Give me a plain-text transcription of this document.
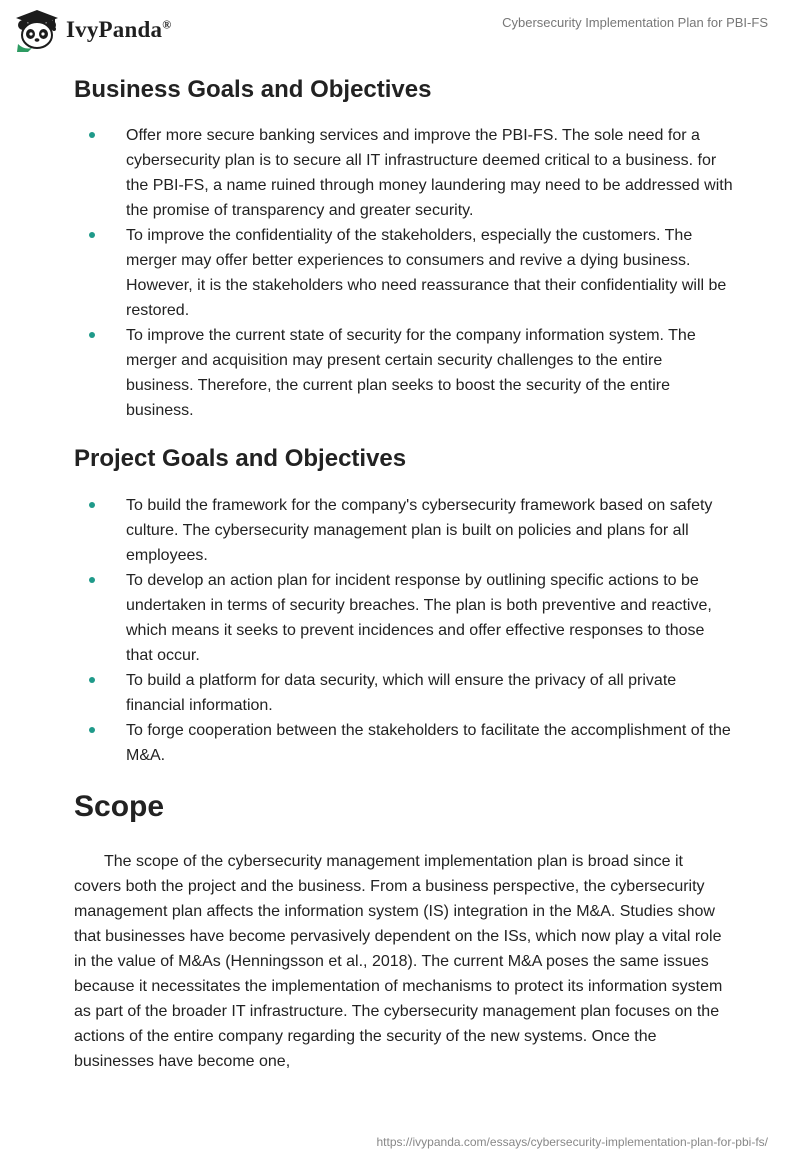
IvyPanda®	Cybersecurity Implementation Plan for PBI-FS
Business Goals and Objectives
Offer more secure banking services and improve the PBI-FS. The sole need for a cybersecurity plan is to secure all IT infrastructure deemed critical to a business. for the PBI-FS, a name ruined through money laundering may need to be addressed with the promise of transparency and greater security.
To improve the confidentiality of the stakeholders, especially the customers. The merger may offer better experiences to consumers and revive a dying business. However, it is the stakeholders who need reassurance that their confidentiality will be restored.
To improve the current state of security for the company information system. The merger and acquisition may present certain security challenges to the entire business. Therefore, the current plan seeks to boost the security of the entire business.
Project Goals and Objectives
To build the framework for the company's cybersecurity framework based on safety culture. The cybersecurity management plan is built on policies and plans for all employees.
To develop an action plan for incident response by outlining specific actions to be undertaken in terms of security breaches. The plan is both preventive and reactive, which means it seeks to prevent incidences and offer effective responses to those that occur.
To build a platform for data security, which will ensure the privacy of all private financial information.
To forge cooperation between the stakeholders to facilitate the accomplishment of the M&A.
Scope

The scope of the cybersecurity management implementation plan is broad since it covers both the project and the business. From a business perspective, the cybersecurity management plan affects the information system (IS) integration in the M&A. Studies show that businesses have become pervasively dependent on the ISs, which now play a vital role in the value of M&As (Henningsson et al., 2018). The current M&A poses the same issues because it necessitates the implementation of mechanisms to protect its information system as part of the broader IT infrastructure. The cybersecurity management plan focuses on the actions of the entire company regarding the security of the new systems. Once the businesses have become one,

https://ivypanda.com/essays/cybersecurity-implementation-plan-for-pbi-fs/
